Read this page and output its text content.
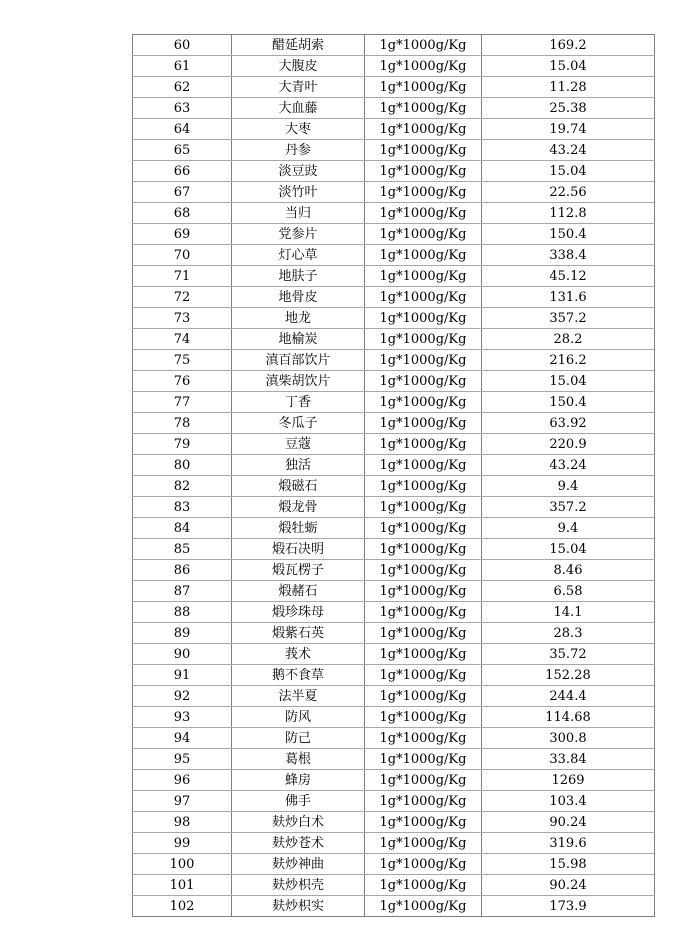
60	醋延胡索	1g*1000g/Kg	169.2
61	大腹皮	1g*1000g/Kg	15.04
62	大青叶	1g*1000g/Kg	11.28
63	大血藤	1g*1000g/Kg	25.38
64	大枣	1g*1000g/Kg	19.74
65	丹参	1g*1000g/Kg	43.24
66	淡豆豉	1g*1000g/Kg	15.04
67	淡竹叶	1g*1000g/Kg	22.56
68	当归	1g*1000g/Kg	112.8
69	党参片	1g*1000g/Kg	150.4
70	灯心草	1g*1000g/Kg	338.4
71	地肤子	1g*1000g/Kg	45.12
72	地骨皮	1g*1000g/Kg	131.6
73	地龙	1g*1000g/Kg	357.2
74	地榆炭	1g*1000g/Kg	28.2
75	滇百部饮片	1g*1000g/Kg	216.2
76	滇柴胡饮片	1g*1000g/Kg	15.04
77	丁香	1g*1000g/Kg	150.4
78	冬瓜子	1g*1000g/Kg	63.92
79	豆蔻	1g*1000g/Kg	220.9
80	独活	1g*1000g/Kg	43.24
82	煅磁石	1g*1000g/Kg	9.4
83	煅龙骨	1g*1000g/Kg	357.2
84	煅牡蛎	1g*1000g/Kg	9.4
85	煅石决明	1g*1000g/Kg	15.04
86	煅瓦楞子	1g*1000g/Kg	8.46
87	煅赭石	1g*1000g/Kg	6.58
88	煅珍珠母	1g*1000g/Kg	14.1
89	煅紫石英	1g*1000g/Kg	28.3
90	莪术	1g*1000g/Kg	35.72
91	鹅不食草	1g*1000g/Kg	152.28
92	法半夏	1g*1000g/Kg	244.4
93	防风	1g*1000g/Kg	114.68
94	防己	1g*1000g/Kg	300.8
95	葛根	1g*1000g/Kg	33.84
96	蜂房	1g*1000g/Kg	1269
97	佛手	1g*1000g/Kg	103.4
98	麸炒白术	1g*1000g/Kg	90.24
99	麸炒苍术	1g*1000g/Kg	319.6
100	麸炒神曲	1g*1000g/Kg	15.98
101	麸炒枳壳	1g*1000g/Kg	90.24
102	麸炒枳实	1g*1000g/Kg	173.9
